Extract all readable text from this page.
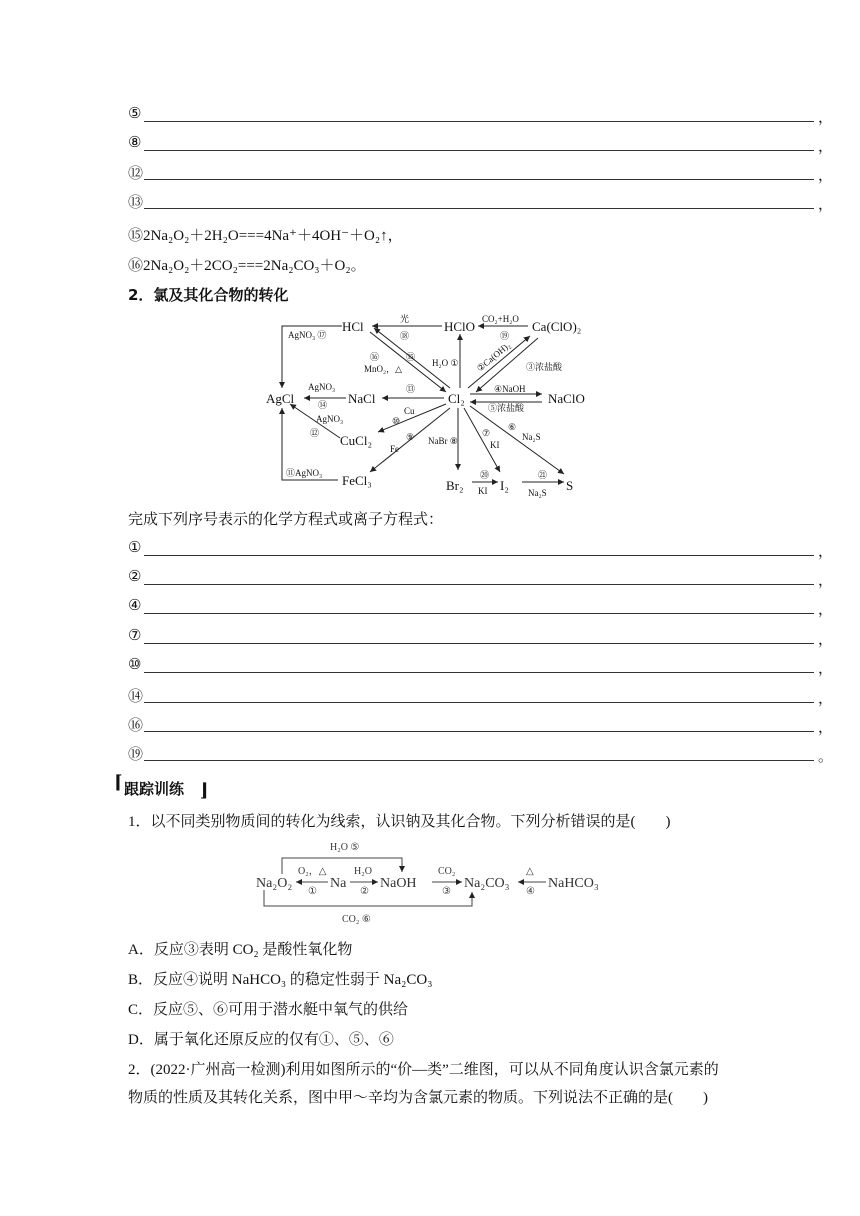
⑤	，
⑧	，
⑫	，
⑬	，
⑮2Na₂O₂＋2H₂O===4Na⁺＋4OH⁻＋O₂↑，
⑯2Na₂O₂＋2CO₂===2Na₂CO₃＋O₂。
2．氯及其化合物的转化
HCl	HClO	Ca(ClO)₂
AgCl	NaCl	Cl₂	NaClO
CuCl₂
FeCl₃	Br₂	I₂	S
AgNO₃ ⑰
光
⑱
CO₂+H₂O
⑲
⑯
MnO₂，△
⑮
H₂O ① ②Ca(OH)₂ ③浓盐酸
⑬
AgNO₃
⑭
AgNO₃
⑫
⑩
Cu
④NaOH
⑤浓盐酸
NaBr ⑧
⑦
KI
⑥
Na₂S
⑨
Fe
⑪AgNO₃	⑳
KI
㉑
Na₂S
完成下列序号表示的化学方程式或离子方程式：
①	，
②	，
④	，
⑦	，
⑩	，
⑭	，
⑯	，
⑲	。
⌈ 跟踪训练 ⌋
1．以不同类别物质间的转化为线索，认识钠及其化合物。下列分析错误的是(　　)
Na₂O₂	Na NaOH	Na₂CO₃	NaHCO₃
H₂O ⑤
O₂，△
①
H₂O
②
CO₂
③
△
④
CO₂ ⑥
A．反应③表明 CO₂ 是酸性氧化物
B．反应④说明 NaHCO₃ 的稳定性弱于 Na₂CO₃
C．反应⑤、⑥可用于潜水艇中氧气的供给
D．属于氧化还原反应的仅有①、⑤、⑥
2．(2022·广州高一检测)利用如图所示的“价—类”二维图，可以从不同角度认识含氯元素的
物质的性质及其转化关系，图中甲～辛均为含氯元素的物质。下列说法不正确的是(　　)
